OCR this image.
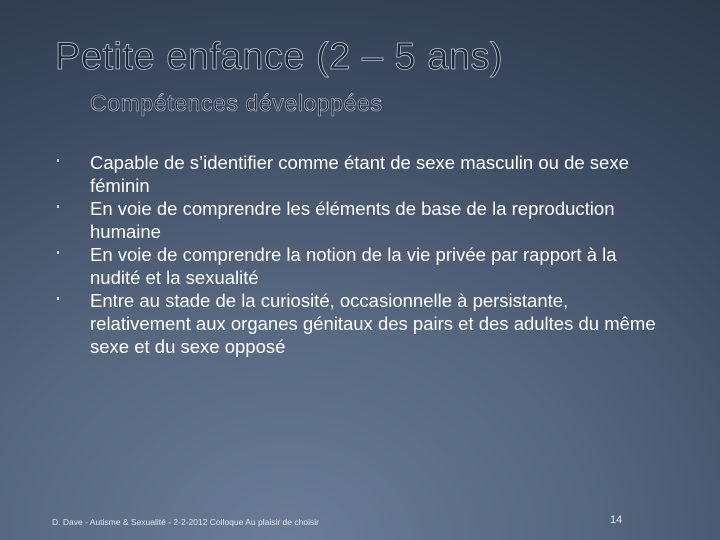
Petite enfance (2 – 5 ans)
Compétences développées
Capable de s’identifier comme étant de sexe masculin ou de sexe féminin
En voie de comprendre les éléments de base de la reproduction humaine
En voie de comprendre la notion de la vie privée par rapport à la nudité et la sexualité
Entre au stade de la curiosité, occasionnelle à persistante, relativement aux organes génitaux des pairs et des adultes du même sexe et du sexe opposé
D. Dave - Autisme & Sexualité - 2-2-2012 Colloque Au plaisir de choisir	14
